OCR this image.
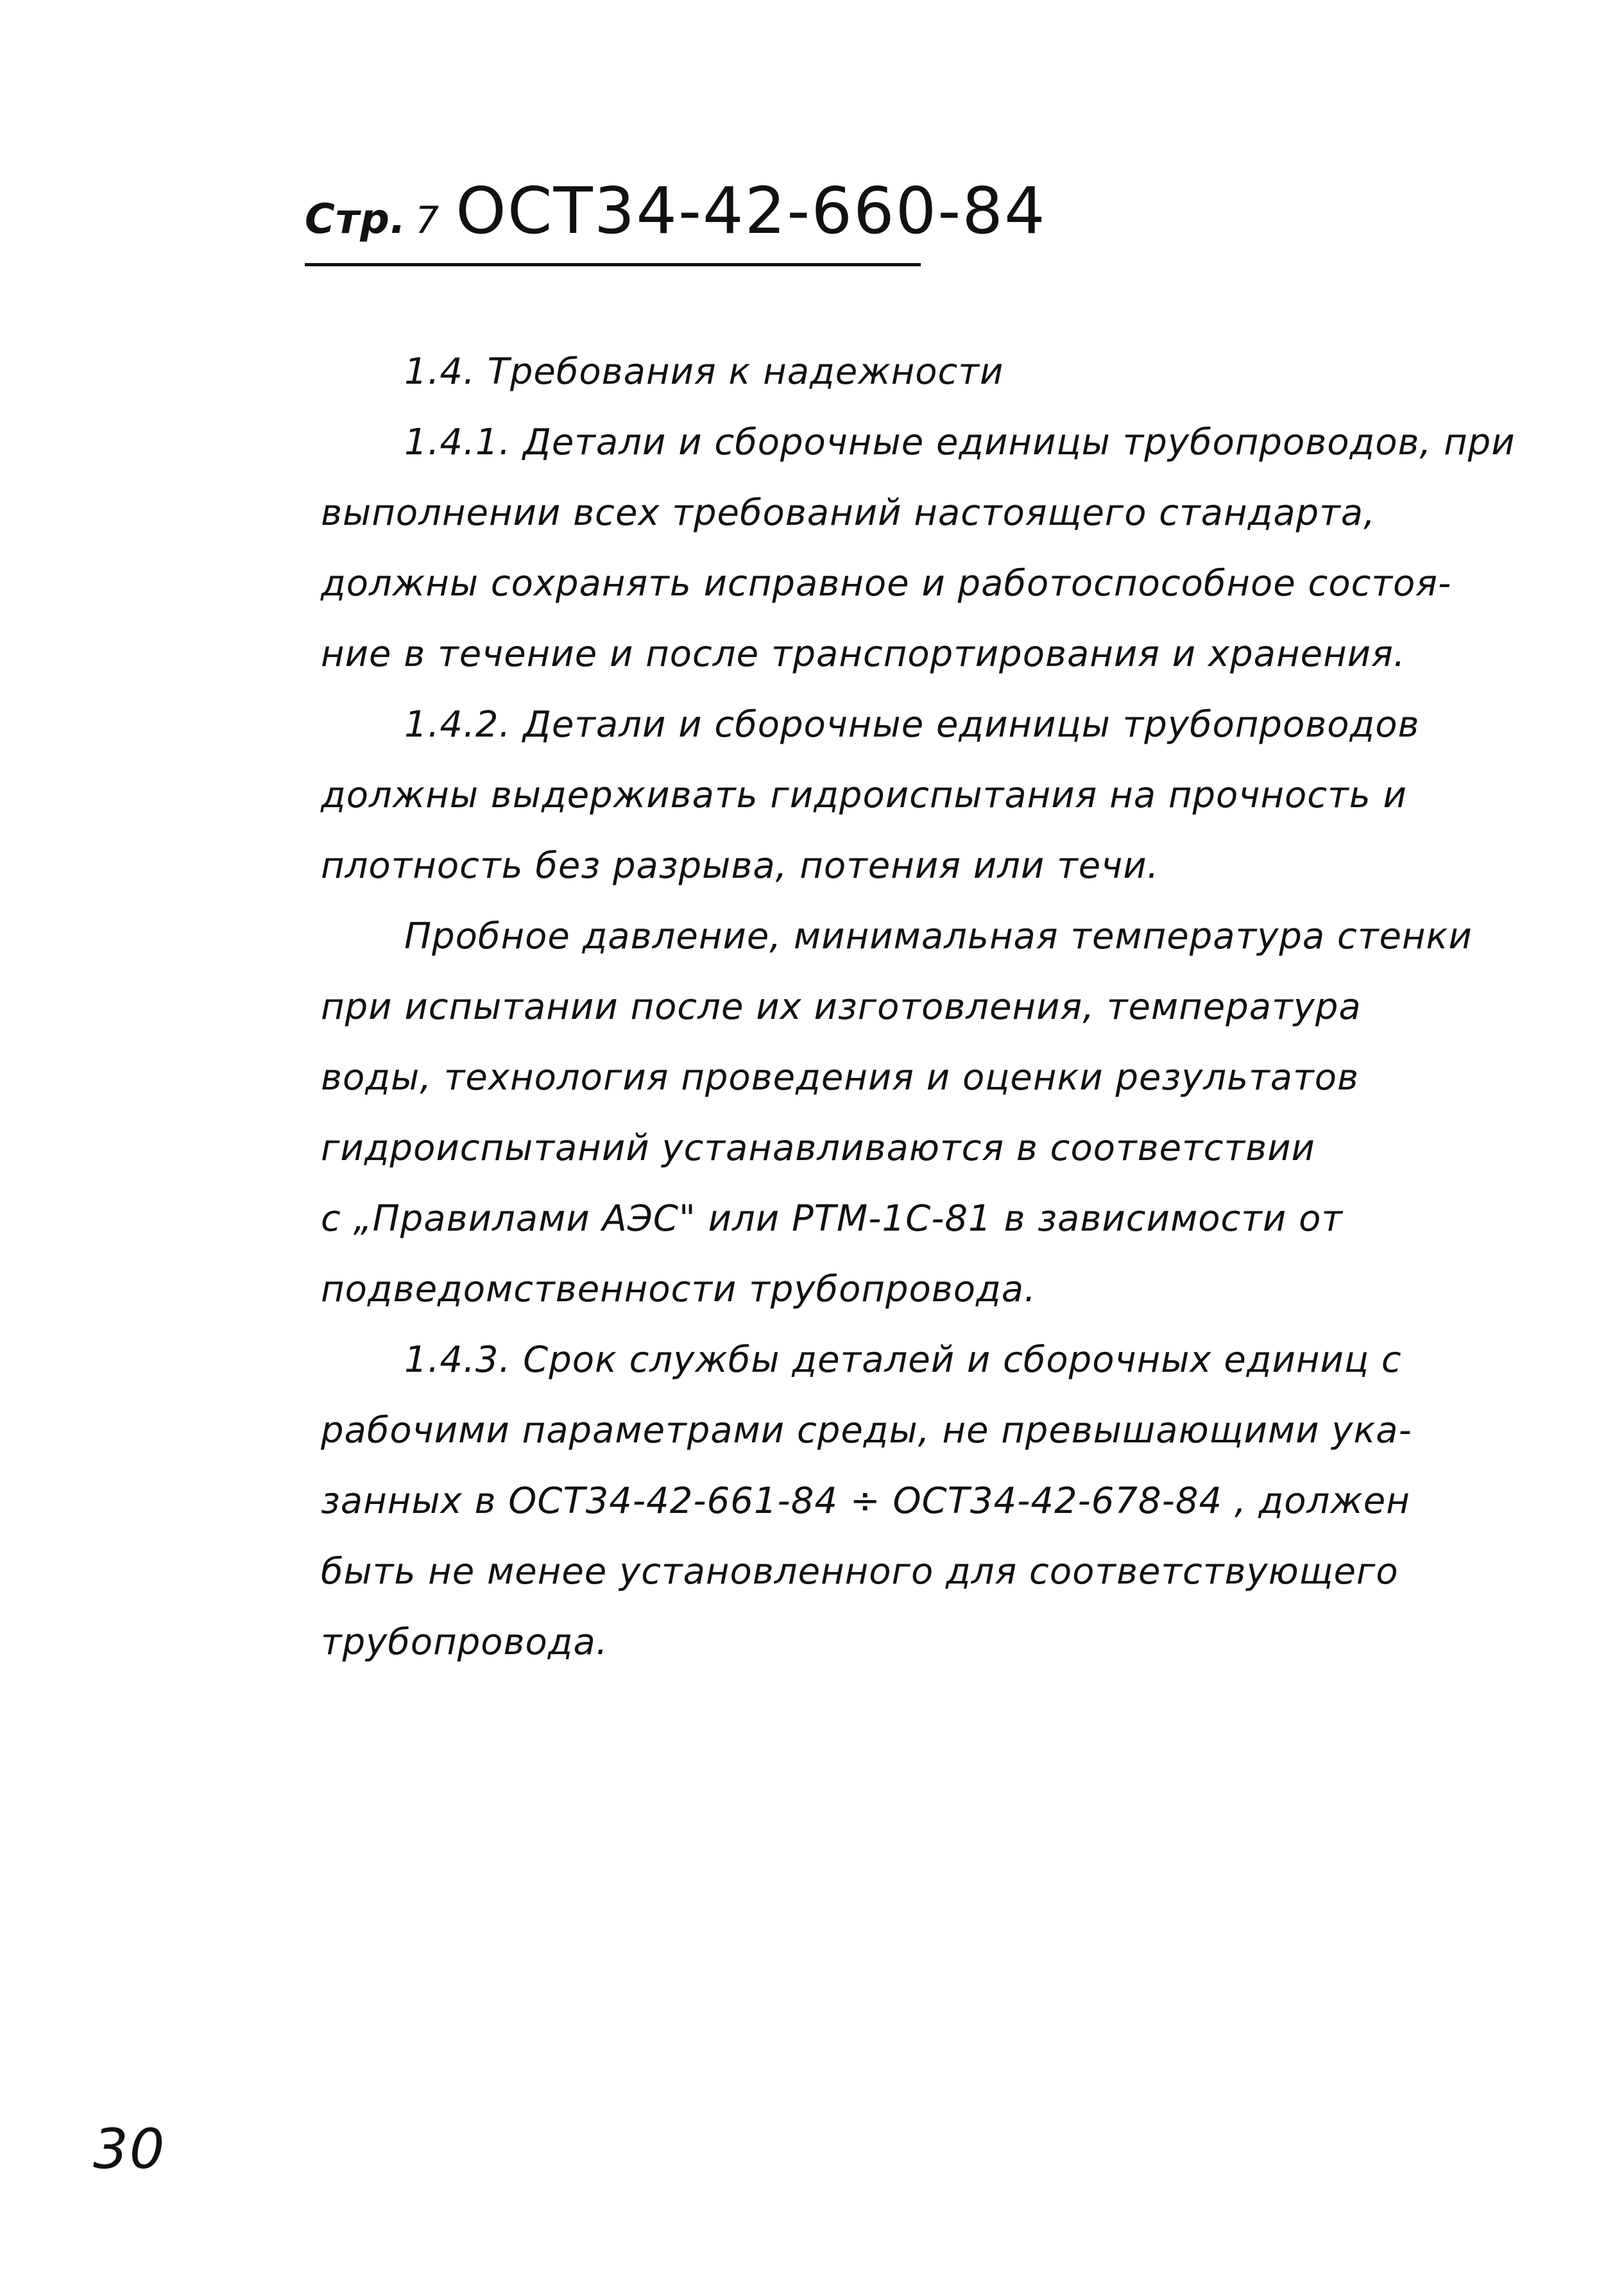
Стр. 7 ОСТ34-42-660-84
1.4. Требования к надежности
1.4.1. Детали и сборочные единицы трубопроводов, при
выполнении всех требований настоящего стандарта,
должны сохранять исправное и работоспособное состоя-
ние в течение и после транспортирования и хранения.
1.4.2. Детали и сборочные единицы трубопроводов
должны выдерживать гидроиспытания на прочность и
плотность без разрыва, потения или течи.
Пробное давление, минимальная температура стенки
при испытании после их изготовления, температура
воды, технология проведения и оценки результатов
гидроиспытаний устанавливаются в соответствии
с „Правилами АЭС" или РТМ-1С-81 в зависимости от
подведомственности трубопровода.
1.4.3. Срок службы деталей и сборочных единиц с
рабочими параметрами среды, не превышающими ука-
занных в ОСТ34-42-661-84 ÷ ОСТ34-42-678-84 , должен
быть не менее установленного для соответствующего
трубопровода.
30
